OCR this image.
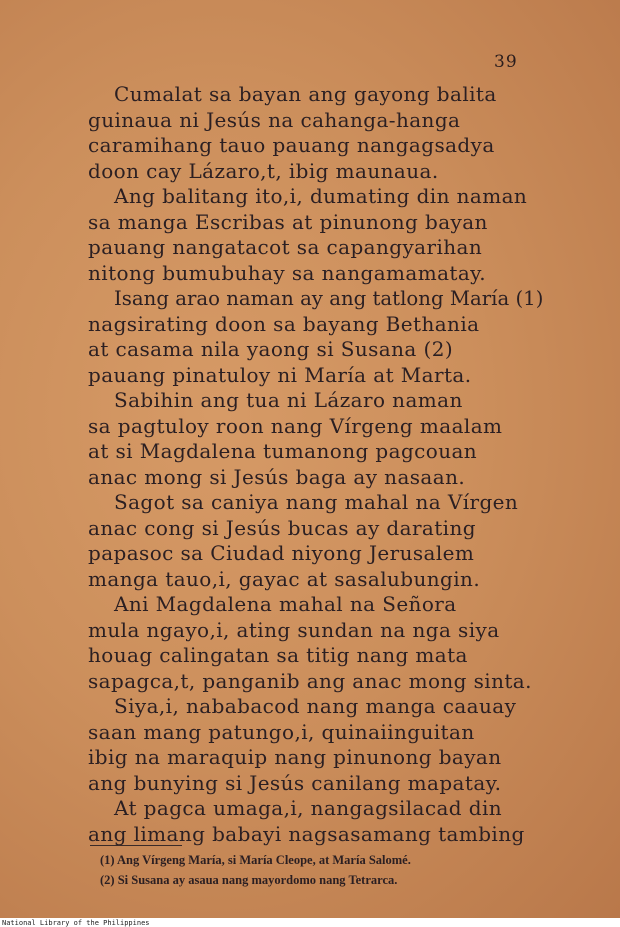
39
Cumalat sa bayan ang gayong balita
guinaua ni Jesús na cahanga-hanga
caramihang tauo pauang nangagsadya
doon cay Lázaro,t, ibig maunaua.
Ang balitang ito,i, dumating din naman
sa manga Escribas at pinunong bayan
pauang nangatacot sa capangyarihan
nitong bumubuhay sa nangamamatay.
Isang arao naman ay ang tatlong María (1)
nagsirating doon sa bayang Bethania
at casama nila yaong si Susana (2)
pauang pinatuloy ni María at Marta.
Sabihin ang tua ni Lázaro naman
sa pagtuloy roon nang Vírgeng maalam
at si Magdalena tumanong pagcouan
anac mong si Jesús baga ay nasaan.
Sagot sa caniya nang mahal na Vírgen
anac cong si Jesús bucas ay darating
papasoc sa Ciudad niyong Jerusalem
manga tauo,i, gayac at sasalubungin.
Ani Magdalena mahal na Señora
mula ngayo,i, ating sundan na nga siya
houag calingatan sa titig nang mata
sapagca,t, panganib ang anac mong sinta.
Siya,i, nababacod nang manga caauay
saan mang patungo,i, quinaiinguitan
ibig na maraquip nang pinunong bayan
ang bunying si Jesús canilang mapatay.
At pagca umaga,i, nangagsilacad din
ang limang babayi nagsasamang tambing
(1) Ang Vírgeng María, si María Cleope, at María Salomé.
(2) Si Susana ay asaua nang mayordomo nang Tetrarca.
National Library of the Philippines
